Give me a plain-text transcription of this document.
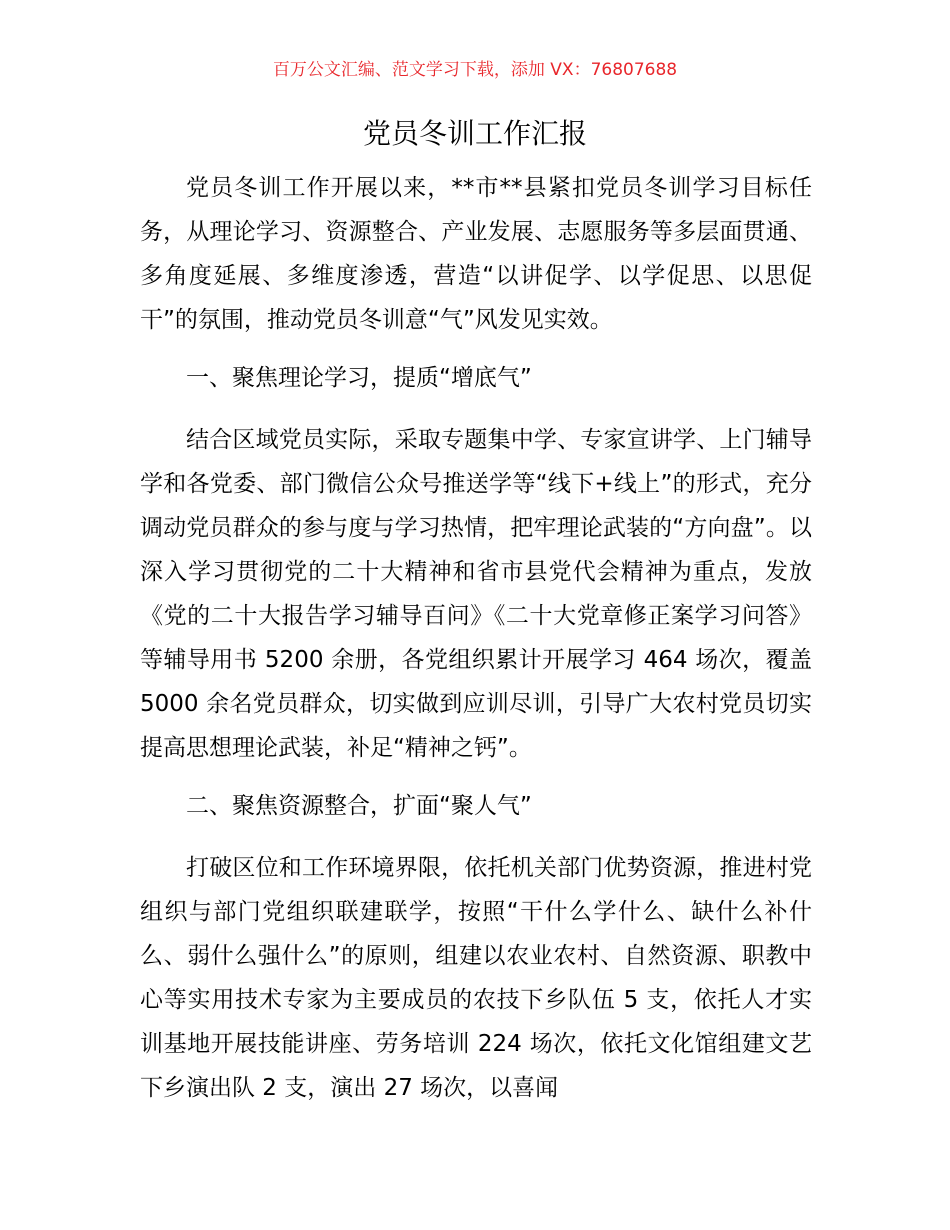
百万公文汇编、范文学习下载，添加 VX：76807688
党员冬训工作汇报

党员冬训工作开展以来，**市**县紧扣党员冬训学习目标任务，从理论学习、资源整合、产业发展、志愿服务等多层面贯通、多角度延展、多维度渗透，营造“以讲促学、以学促思、以思促干”的氛围，推动党员冬训意“气”风发见实效。

一、聚焦理论学习，提质“增底气”

结合区域党员实际，采取专题集中学、专家宣讲学、上门辅导学和各党委、部门微信公众号推送学等“线下+线上”的形式，充分调动党员群众的参与度与学习热情，把牢理论武装的“方向盘”。以深入学习贯彻党的二十大精神和省市县党代会精神为重点，发放《党的二十大报告学习辅导百问》《二十大党章修正案学习问答》等辅导用书 5200 余册，各党组织累计开展学习 464 场次，覆盖 5000 余名党员群众，切实做到应训尽训，引导广大农村党员切实提高思想理论武装，补足“精神之钙”。

二、聚焦资源整合，扩面“聚人气”

打破区位和工作环境界限，依托机关部门优势资源，推进村党组织与部门党组织联建联学，按照“干什么学什么、缺什么补什么、弱什么强什么”的原则，组建以农业农村、自然资源、职教中心等实用技术专家为主要成员的农技下乡队伍 5 支，依托人才实训基地开展技能讲座、劳务培训 224 场次，依托文化馆组建文艺下乡演出队 2 支，演出 27 场次，以喜闻
